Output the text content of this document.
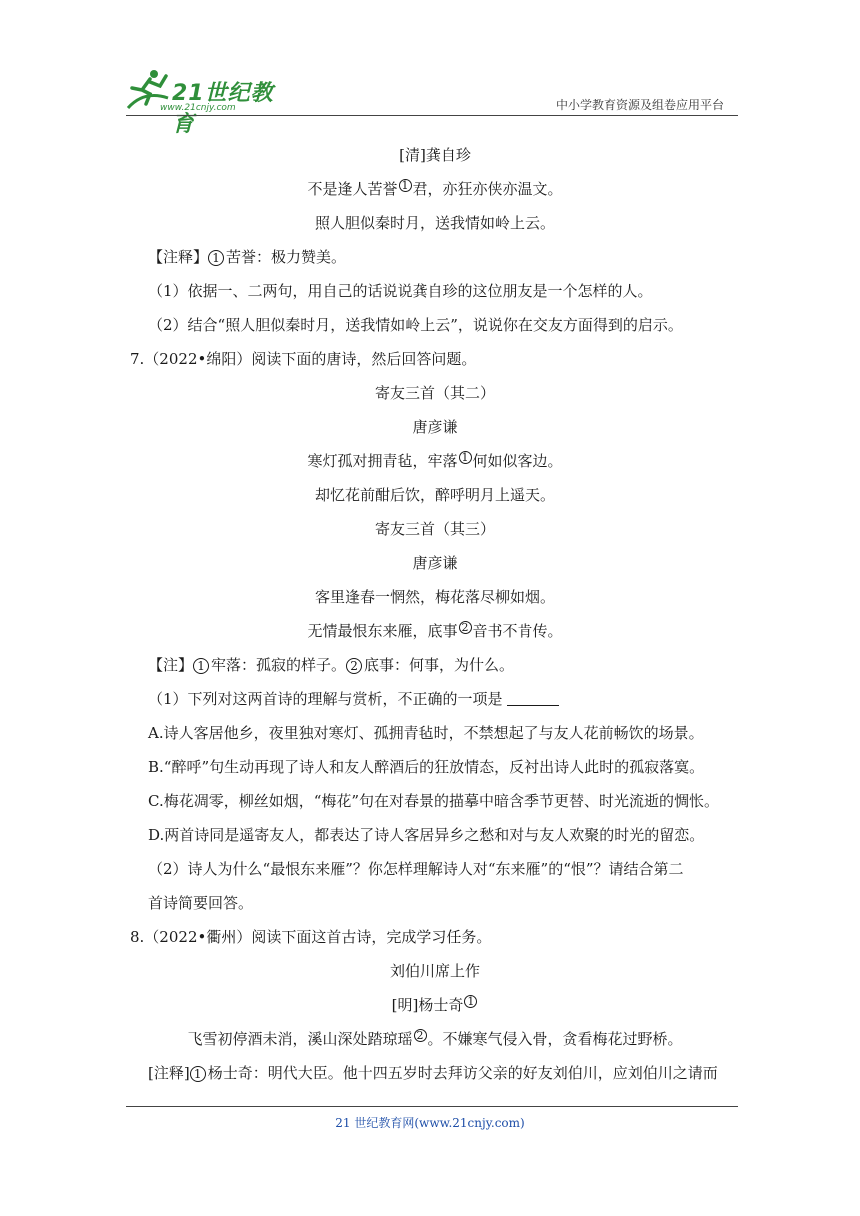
21世纪教育
www.21cnjy.com	中小学教育资源及组卷应用平台
[清]龚自珍
不是逢人苦誉 1 君，亦狂亦侠亦温文。
照人胆似秦时月，送我情如岭上云。
【注释】 1 苦誉：极力赞美。
（1）依据一、二两句，用自己的话说说龚自珍的这位朋友是一个怎样的人。
（2）结合“照人胆似秦时月，送我情如岭上云”，说说你在交友方面得到的启示。
7.（2022•绵阳）阅读下面的唐诗，然后回答问题。
寄友三首（其二）
唐彦谦
寒灯孤对拥青毡，牢落 1 何如似客边。
却忆花前酣后饮，醉呼明月上遥天。
寄友三首（其三）
唐彦谦
客里逢春一惘然，梅花落尽柳如烟。
无情最恨东来雁，底事 2 音书不肯传。
【注】 1 牢落：孤寂的样子。 2 底事：何事，为什么。
（1）下列对这两首诗的理解与赏析，不正确的一项是
A.诗人客居他乡，夜里独对寒灯、孤拥青毡时，不禁想起了与友人花前畅饮的场景。
B.“醉呼”句生动再现了诗人和友人醉酒后的狂放情态，反衬出诗人此时的孤寂落寞。
C.梅花凋零，柳丝如烟，“梅花”句在对春景的描摹中暗含季节更替、时光流逝的惆怅。
D.两首诗同是遥寄友人，都表达了诗人客居异乡之愁和对与友人欢聚的时光的留恋。
（2）诗人为什么“最恨东来雁”？你怎样理解诗人对“东来雁”的“恨”？请结合第二
首诗简要回答。
8.（2022•衢州）阅读下面这首古诗，完成学习任务。
刘伯川席上作
[明]杨士奇 1
飞雪初停酒未消，溪山深处踏琼瑶 2 。不嫌寒气侵入骨，贪看梅花过野桥。
[注释] 1 杨士奇：明代大臣。他十四五岁时去拜访父亲的好友刘伯川，应刘伯川之请而
21 世纪教育网(www.21cnjy.com)
